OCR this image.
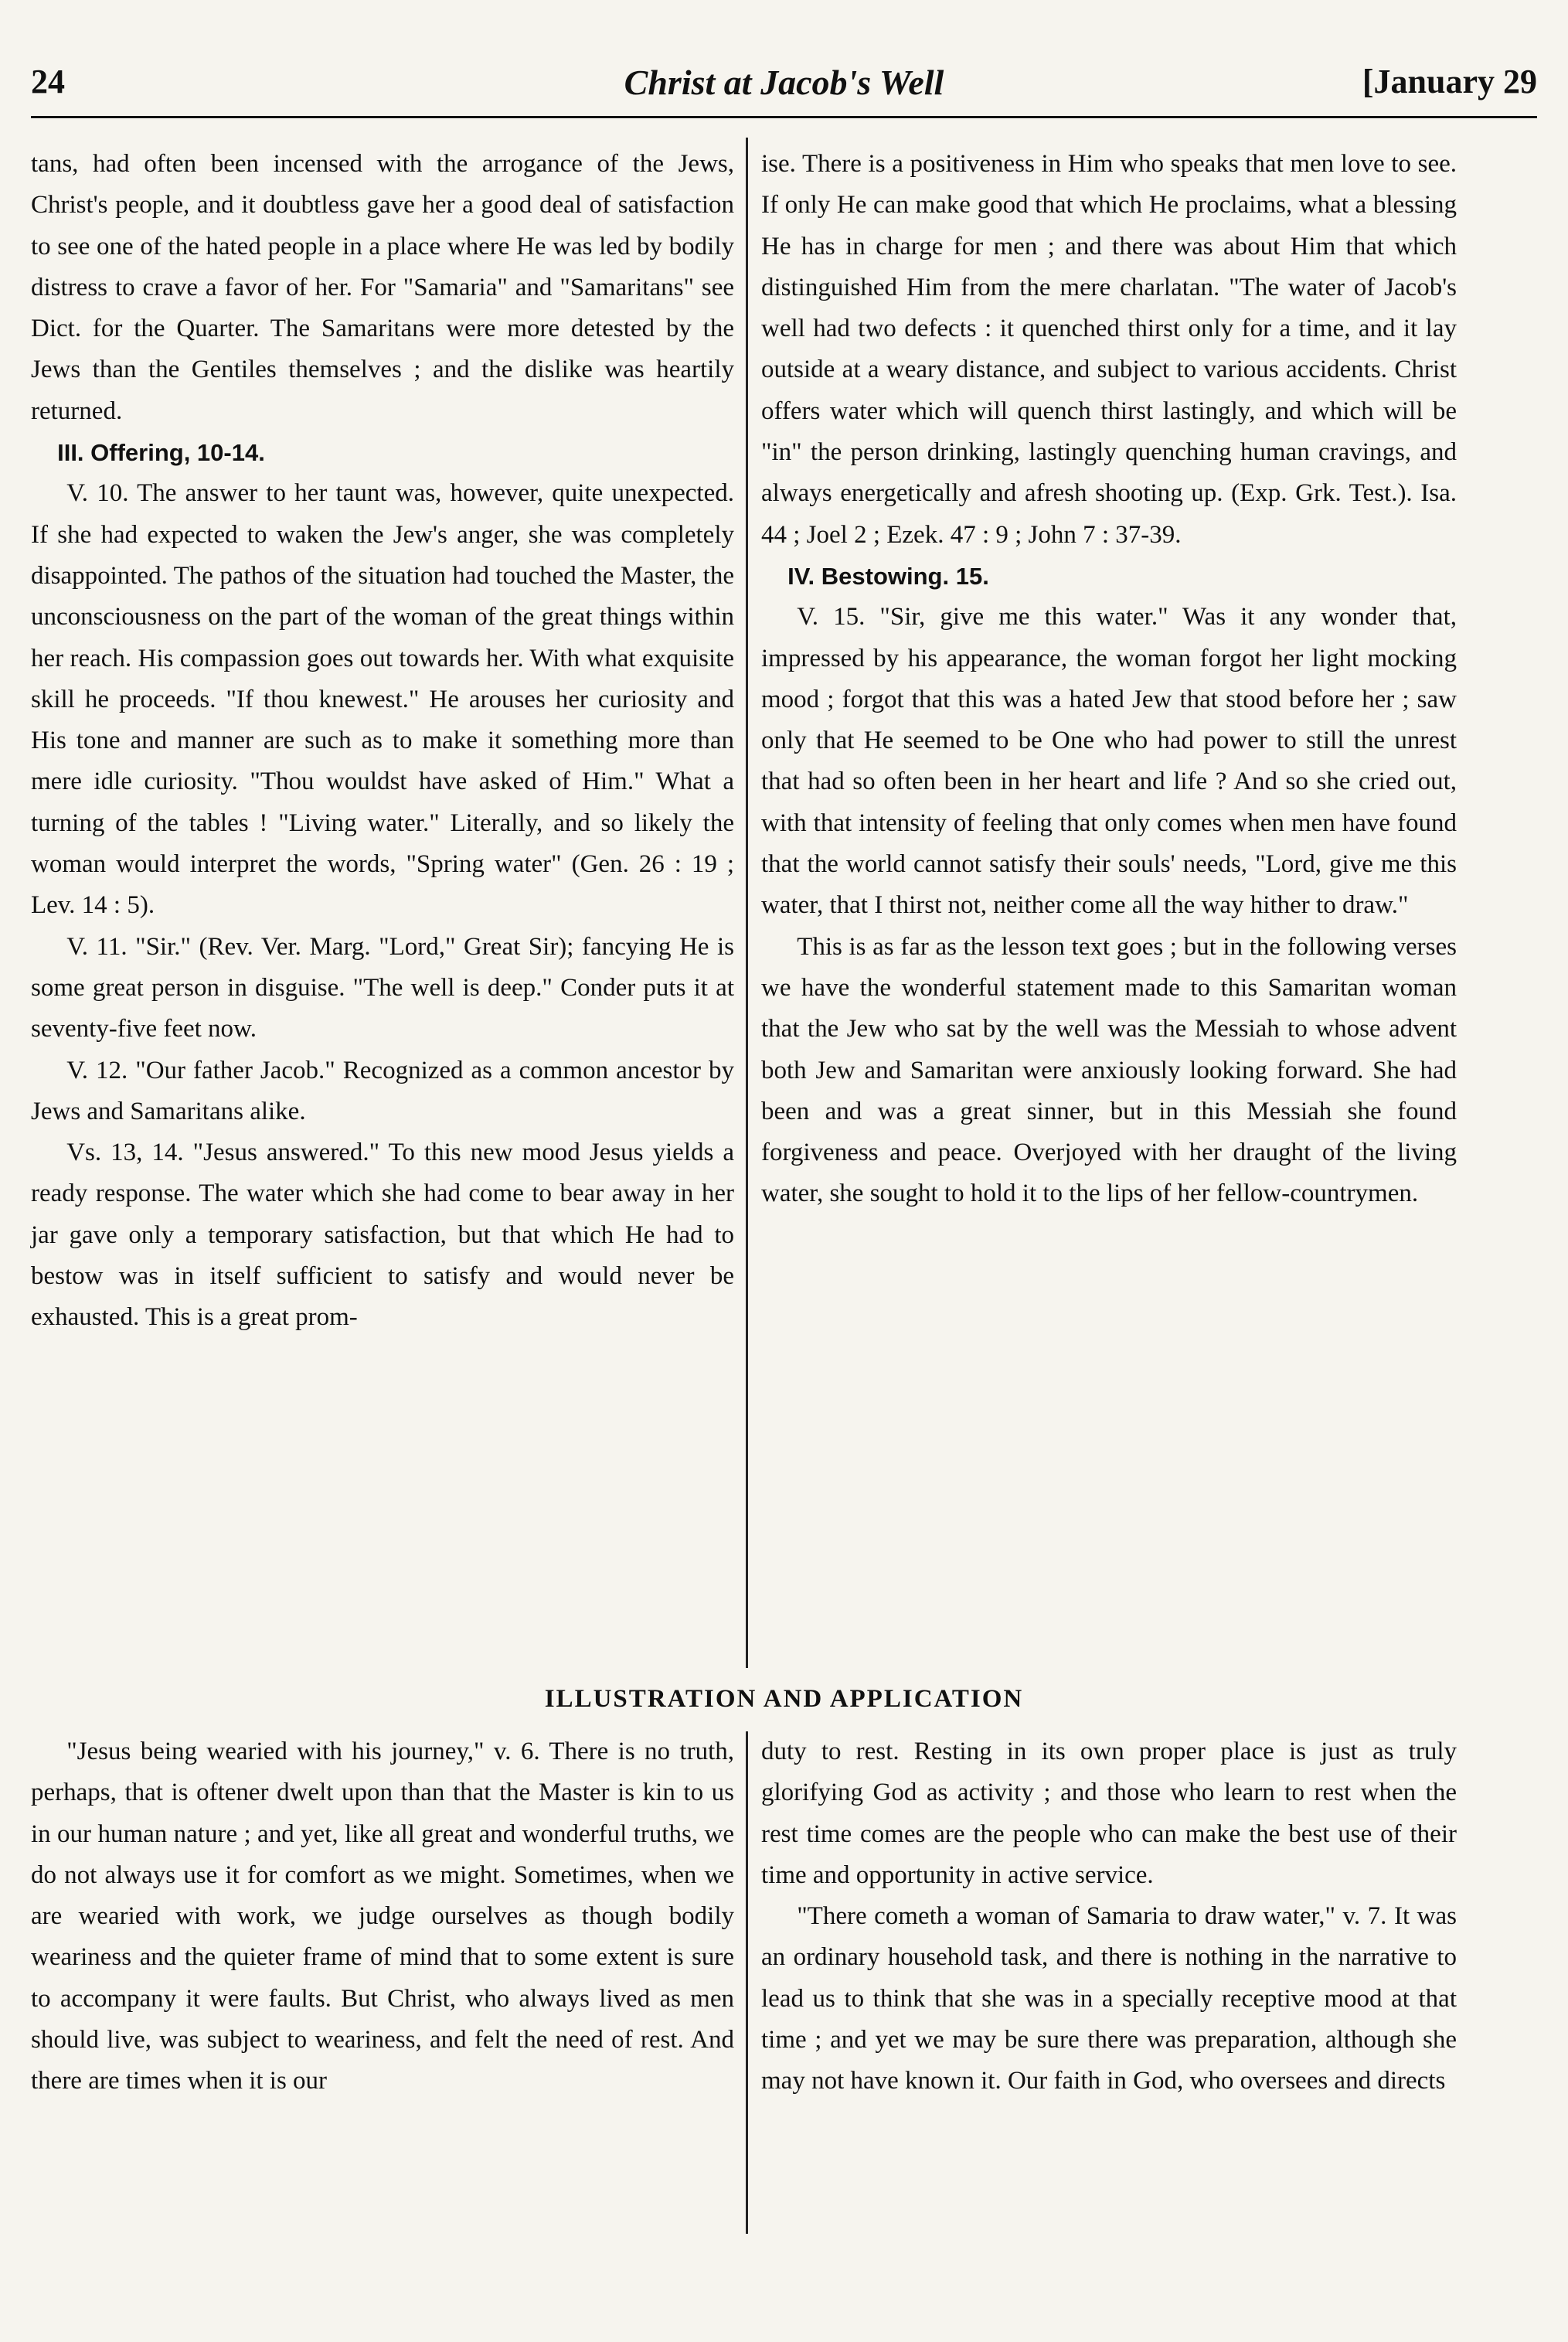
24	Christ at Jacob's Well	[January 29

tans, had often been incensed with the arrogance of the Jews, Christ's people, and it doubtless gave her a good deal of satisfaction to see one of the hated people in a place where He was led by bodily distress to crave a favor of her. For "Samaria" and "Samaritans" see Dict. for the Quarter. The Samaritans were more detested by the Jews than the Gentiles themselves ; and the dislike was heartily returned.

III. Offering, 10-14.

V. 10. The answer to her taunt was, however, quite unexpected. If she had expected to waken the Jew's anger, she was completely disappointed. The pathos of the situation had touched the Master, the unconsciousness on the part of the woman of the great things within her reach. His compassion goes out towards her. With what exquisite skill he proceeds. "If thou knewest." He arouses her curiosity and His tone and manner are such as to make it something more than mere idle curiosity. "Thou wouldst have asked of Him." What a turning of the tables ! "Living water." Literally, and so likely the woman would interpret the words, "Spring water" (Gen. 26 : 19 ; Lev. 14 : 5).

V. 11. "Sir." (Rev. Ver. Marg. "Lord," Great Sir); fancying He is some great person in disguise. "The well is deep." Conder puts it at seventy-five feet now.

V. 12. "Our father Jacob." Recognized as a common ancestor by Jews and Samaritans alike.

Vs. 13, 14. "Jesus answered." To this new mood Jesus yields a ready response. The water which she had come to bear away in her jar gave only a temporary satisfaction, but that which He had to bestow was in itself sufficient to satisfy and would never be exhausted. This is a great prom-

ise. There is a positiveness in Him who speaks that men love to see. If only He can make good that which He proclaims, what a blessing He has in charge for men ; and there was about Him that which distinguished Him from the mere charlatan. "The water of Jacob's well had two defects : it quenched thirst only for a time, and it lay outside at a weary distance, and subject to various accidents. Christ offers water which will quench thirst lastingly, and which will be "in" the person drinking, lastingly quenching human cravings, and always energetically and afresh shooting up. (Exp. Grk. Test.). Isa. 44 ; Joel 2 ; Ezek. 47 : 9 ; John 7 : 37-39.

IV. Bestowing. 15.

V. 15. "Sir, give me this water." Was it any wonder that, impressed by his appearance, the woman forgot her light mocking mood ; forgot that this was a hated Jew that stood before her ; saw only that He seemed to be One who had power to still the unrest that had so often been in her heart and life ? And so she cried out, with that intensity of feeling that only comes when men have found that the world cannot satisfy their souls' needs, "Lord, give me this water, that I thirst not, neither come all the way hither to draw."

This is as far as the lesson text goes ; but in the following verses we have the wonderful statement made to this Samaritan woman that the Jew who sat by the well was the Messiah to whose advent both Jew and Samaritan were anxiously looking forward. She had been and was a great sinner, but in this Messiah she found forgiveness and peace. Overjoyed with her draught of the living water, she sought to hold it to the lips of her fellow-countrymen.

ILLUSTRATION AND APPLICATION

"Jesus being wearied with his journey," v. 6. There is no truth, perhaps, that is oftener dwelt upon than that the Master is kin to us in our human nature ; and yet, like all great and wonderful truths, we do not always use it for comfort as we might. Sometimes, when we are wearied with work, we judge ourselves as though bodily weariness and the quieter frame of mind that to some extent is sure to accompany it were faults. But Christ, who always lived as men should live, was subject to weariness, and felt the need of rest. And there are times when it is our

duty to rest. Resting in its own proper place is just as truly glorifying God as activity ; and those who learn to rest when the rest time comes are the people who can make the best use of their time and opportunity in active service.

"There cometh a woman of Samaria to draw water," v. 7. It was an ordinary household task, and there is nothing in the narrative to lead us to think that she was in a specially receptive mood at that time ; and yet we may be sure there was preparation, although she may not have known it. Our faith in God, who oversees and directs
